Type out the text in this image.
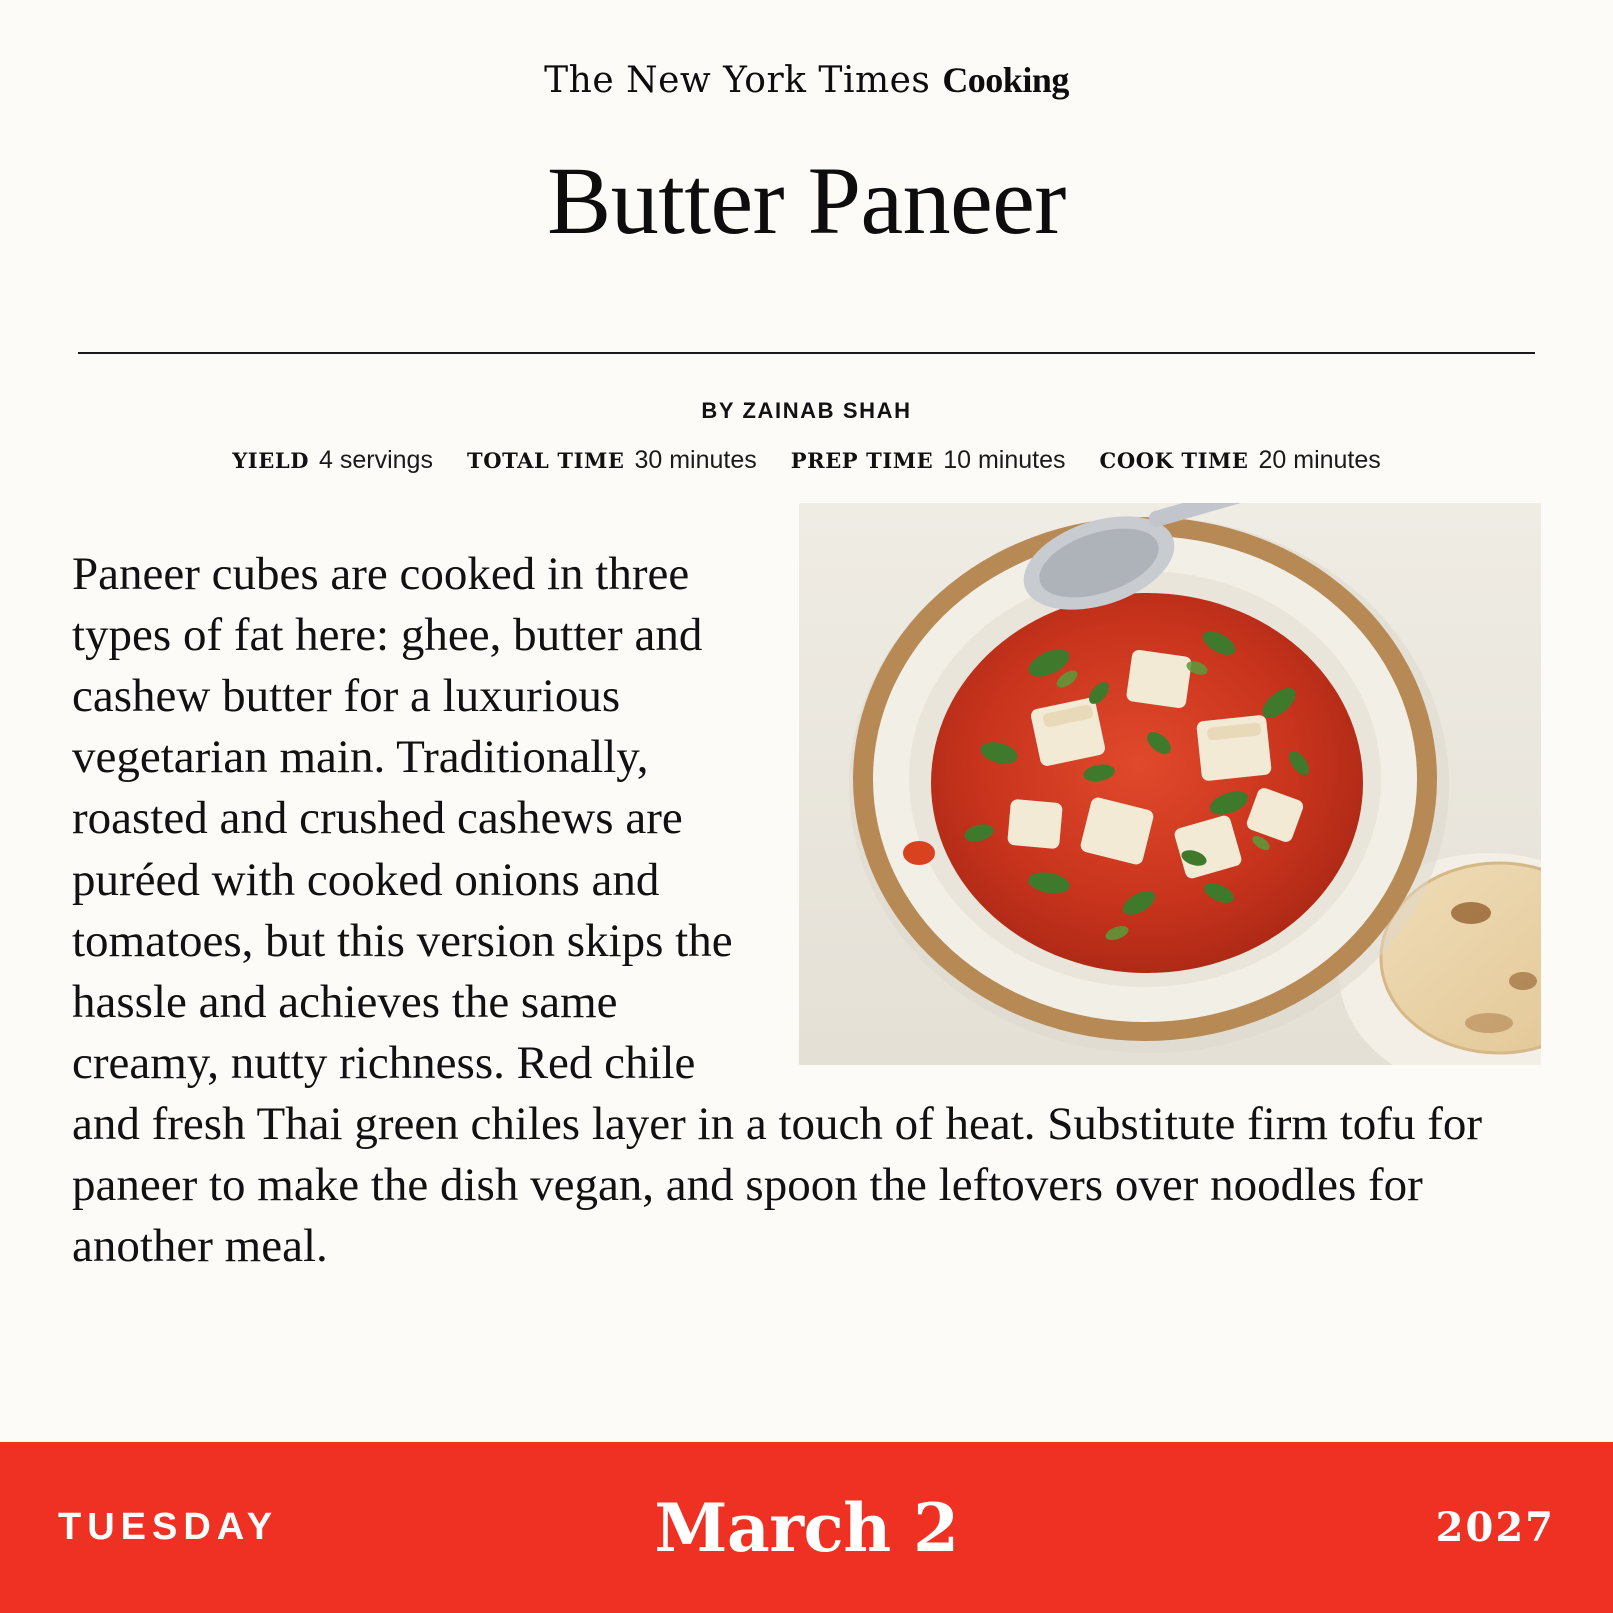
The New York Times Cooking
Butter Paneer
BY ZAINAB SHAH
YIELD 4 servings TOTAL TIME 30 minutes PREP TIME 10 minutes COOK TIME 20 minutes

Paneer cubes are cooked in three types of fat here: ghee, butter and cashew butter for a luxurious vegetarian main. Traditionally, roasted and crushed cashews are puréed with cooked onions and tomatoes, but this version skips the hassle and achieves the same creamy, nutty richness. Red chile and fresh Thai green chiles layer in a touch of heat. Substitute firm tofu for paneer to make the dish vegan, and spoon the leftovers over noodles for another meal.

TUESDAY	March 2	2027
